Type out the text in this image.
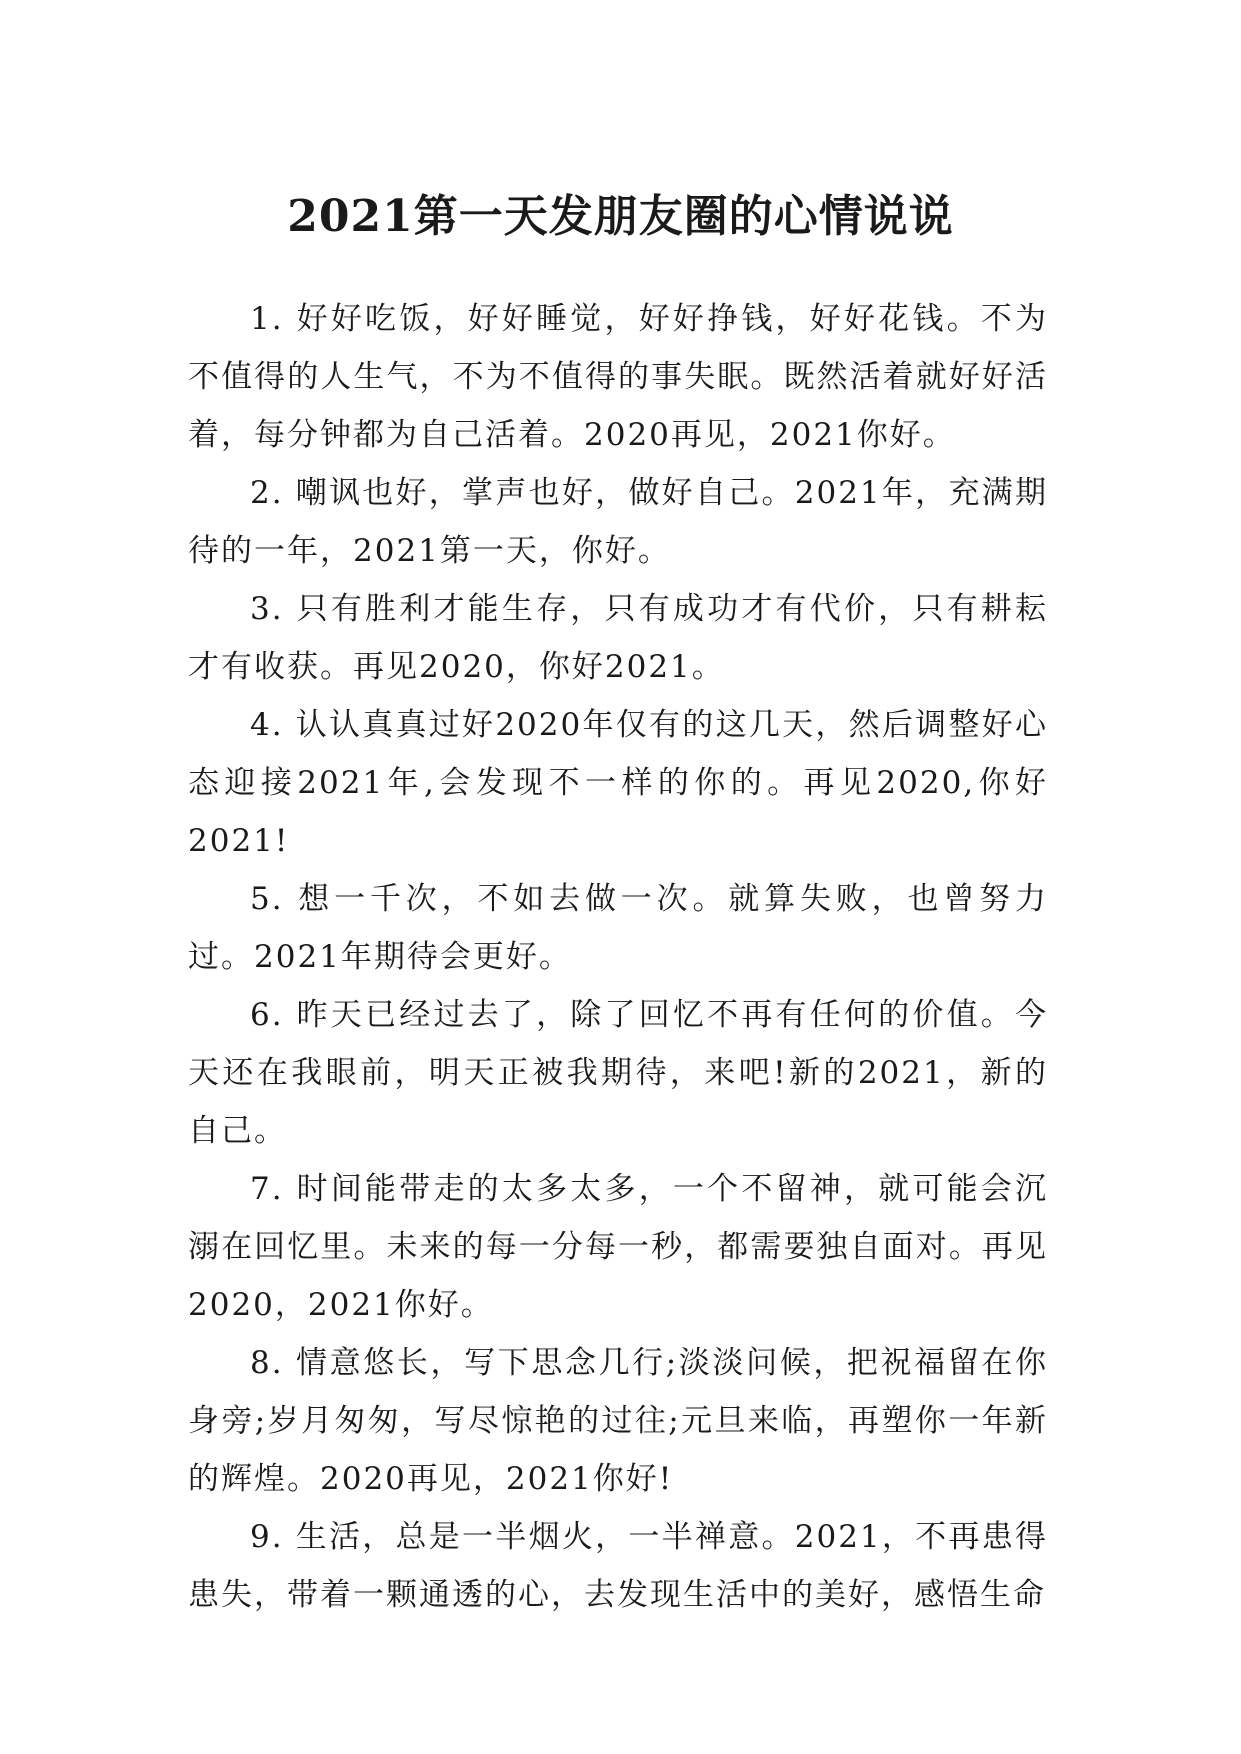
2021第一天发朋友圈的心情说说

1. 好好吃饭，好好睡觉，好好挣钱，好好花钱。不为不值得的人生气，不为不值得的事失眠。既然活着就好好活着，每分钟都为自己活着。2020再见，2021你好。

2. 嘲讽也好，掌声也好，做好自己。2021年，充满期待的一年，2021第一天，你好。

3. 只有胜利才能生存，只有成功才有代价，只有耕耘才有收获。再见2020，你好2021。

4. 认认真真过好2020年仅有的这几天，然后调整好心态迎接2021年,会发现不一样的你的。再见2020,你好2021!

5. 想一千次，不如去做一次。就算失败，也曾努力过。2021年期待会更好。

6. 昨天已经过去了，除了回忆不再有任何的价值。今天还在我眼前，明天正被我期待，来吧!新的2021，新的自己。

7. 时间能带走的太多太多，一个不留神，就可能会沉溺在回忆里。未来的每一分每一秒，都需要独自面对。再见2020，2021你好。

8. 情意悠长，写下思念几行;淡淡问候，把祝福留在你身旁;岁月匆匆，写尽惊艳的过往;元旦来临，再塑你一年新的辉煌。2020再见，2021你好!

9. 生活，总是一半烟火，一半禅意。2021，不再患得患失，带着一颗通透的心，去发现生活中的美好，感悟生命
